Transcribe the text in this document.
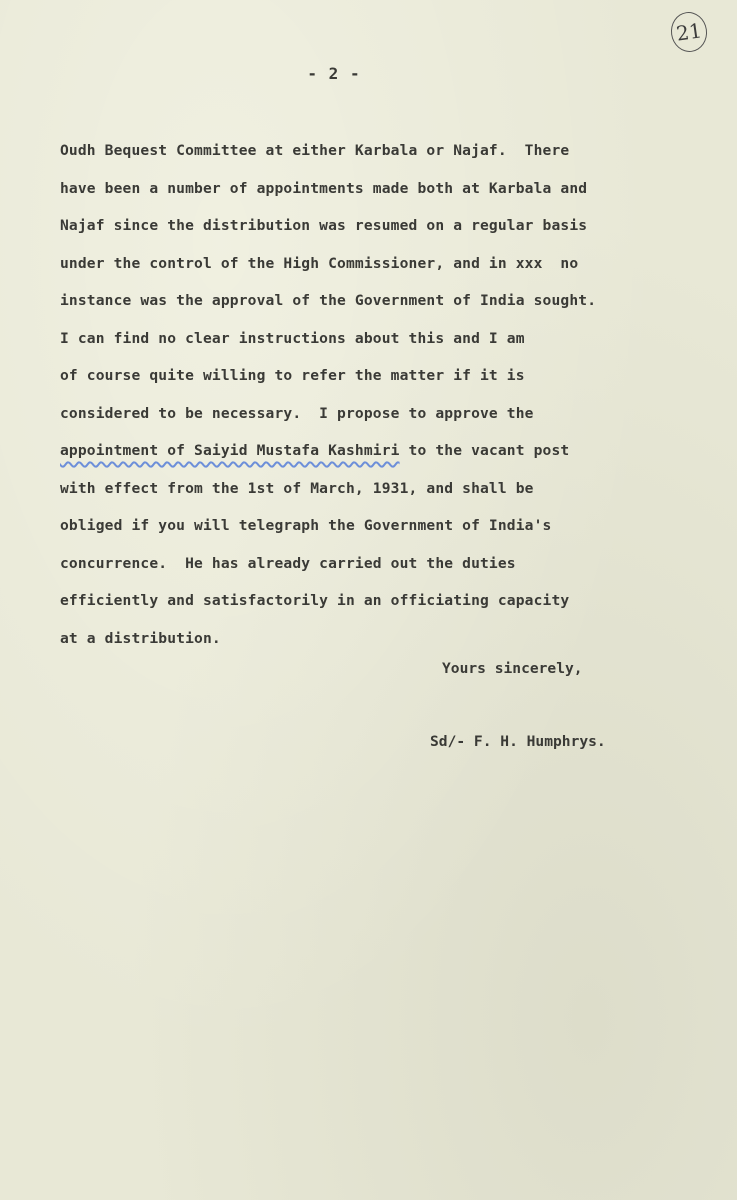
21
- 2 -
Oudh Bequest Committee at either Karbala or Najaf.  There
have been a number of appointments made both at Karbala and
Najaf since the distribution was resumed on a regular basis
under the control of the High Commissioner, and in xxx  no
instance was the approval of the Government of India sought.
I can find no clear instructions about this and I am
of course quite willing to refer the matter if it is
considered to be necessary.  I propose to approve the
appointment of Saiyid Mustafa Kashmiri to the vacant post
with effect from the 1st of March, 1931, and shall be
obliged if you will telegraph the Government of India's
concurrence.  He has already carried out the duties
efficiently and satisfactorily in an officiating capacity
at a distribution.
Yours sincerely,
Sd/- F. H. Humphrys.
